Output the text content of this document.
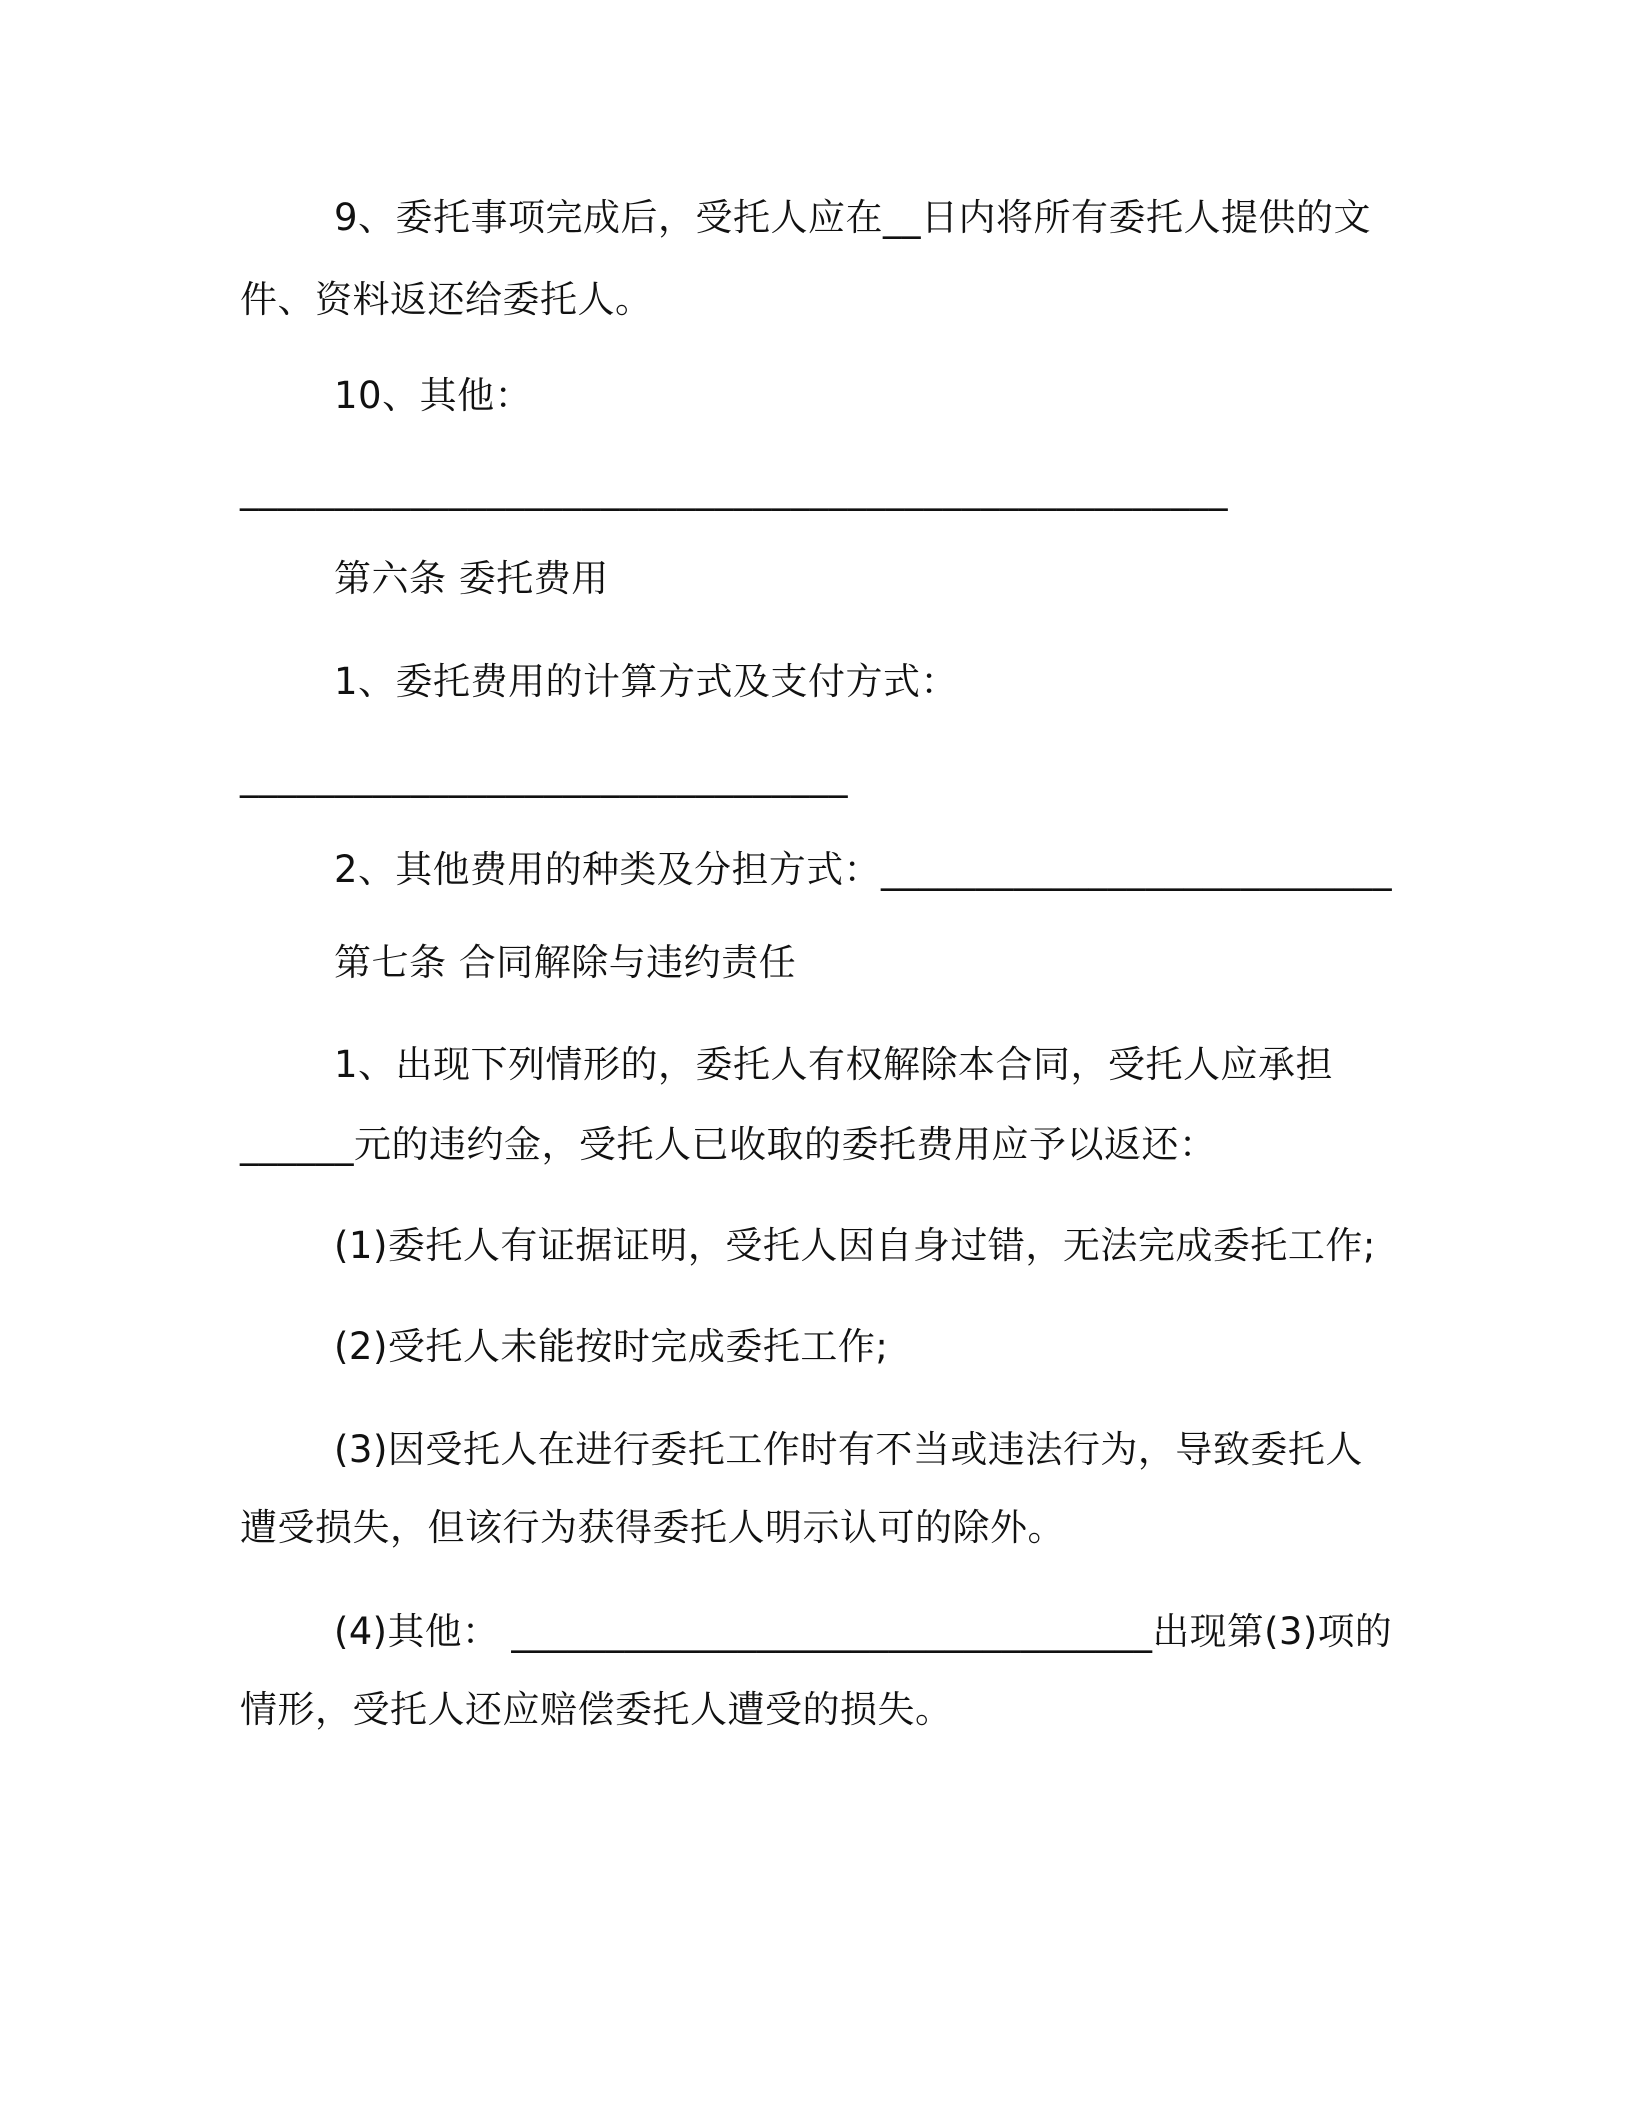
9、委托事项完成后，受托人应在__日内将所有委托人提供的文
件、资料返还给委托人。
10、其他：
____________________________________________________
第六条 委托费用
1、委托费用的计算方式及支付方式：
________________________________
2、其他费用的种类及分担方式：___________________________
第七条 合同解除与违约责任
1、出现下列情形的，委托人有权解除本合同，受托人应承担
______元的违约金，受托人已收取的委托费用应予以返还：
(1)委托人有证据证明，受托人因自身过错，无法完成委托工作;
(2)受托人未能按时完成委托工作;
(3)因受托人在进行委托工作时有不当或违法行为，导致委托人
遭受损失，但该行为获得委托人明示认可的除外。
(4)其他： __________________________________出现第(3)项的
情形，受托人还应赔偿委托人遭受的损失。
